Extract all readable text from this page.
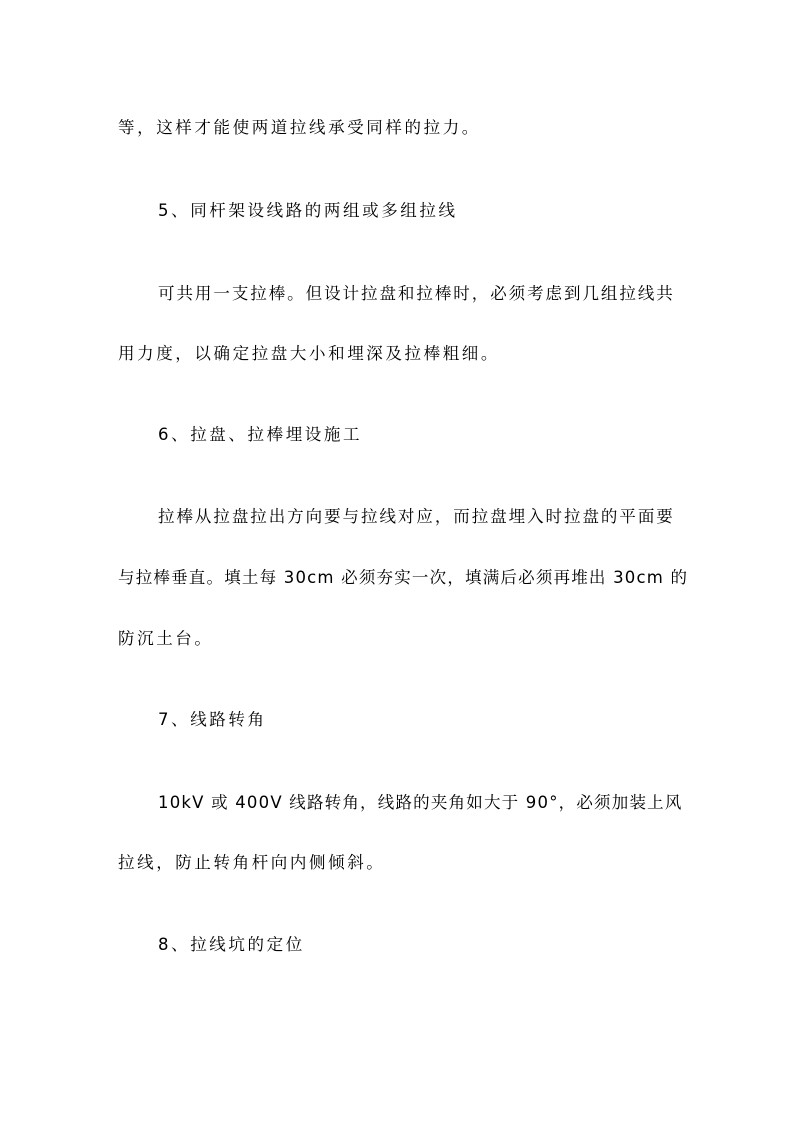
等，这样才能使两道拉线承受同样的拉力。
5、同杆架设线路的两组或多组拉线
可共用一支拉棒。但设计拉盘和拉棒时，必须考虑到几组拉线共
用力度，以确定拉盘大小和埋深及拉棒粗细。
6、拉盘、拉棒埋设施工
拉棒从拉盘拉出方向要与拉线对应，而拉盘埋入时拉盘的平面要
与拉棒垂直。填土每 30cm 必须夯实一次，填满后必须再堆出 30cm 的
防沉土台。
7、线路转角
10kV 或 400V 线路转角，线路的夹角如大于 90°，必须加装上风
拉线，防止转角杆向内侧倾斜。
8、拉线坑的定位
